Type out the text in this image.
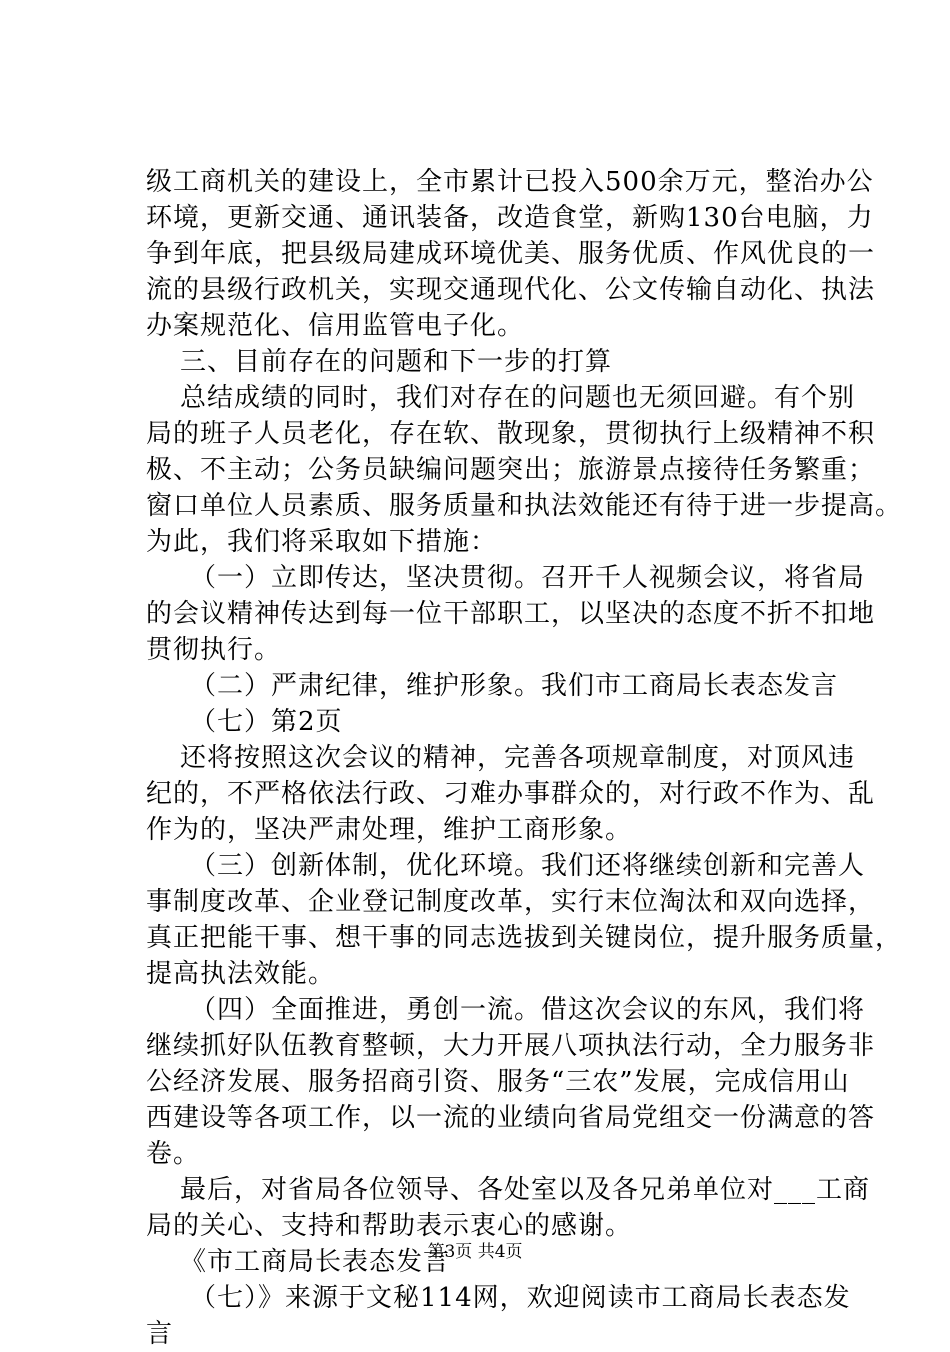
级工商机关的建设上，全市累计已投入500余万元，整治办公
环境，更新交通、通讯装备，改造食堂，新购130台电脑，力
争到年底，把县级局建成环境优美、服务优质、作风优良的一
流的县级行政机关，实现交通现代化、公文传输自动化、执法
办案规范化、信用监管电子化。
三、目前存在的问题和下一步的打算
总结成绩的同时，我们对存在的问题也无须回避。有个别
局的班子人员老化，存在软、散现象，贯彻执行上级精神不积
极、不主动；公务员缺编问题突出；旅游景点接待任务繁重；
窗口单位人员素质、服务质量和执法效能还有待于进一步提高。
为此，我们将采取如下措施：
（一）立即传达，坚决贯彻。召开千人视频会议，将省局
的会议精神传达到每一位干部职工，以坚决的态度不折不扣地
贯彻执行。
（二）严肃纪律，维护形象。我们市工商局长表态发言
（七）第2页
还将按照这次会议的精神，完善各项规章制度，对顶风违
纪的，不严格依法行政、刁难办事群众的，对行政不作为、乱
作为的，坚决严肃处理，维护工商形象。
（三）创新体制，优化环境。我们还将继续创新和完善人
事制度改革、企业登记制度改革，实行末位淘汰和双向选择，
真正把能干事、想干事的同志选拔到关键岗位，提升服务质量，
提高执法效能。
（四）全面推进，勇创一流。借这次会议的东风，我们将
继续抓好队伍教育整顿，大力开展八项执法行动，全力服务非
公经济发展、服务招商引资、服务“三农”发展，完成信用山
西建设等各项工作，以一流的业绩向省局党组交一份满意的答
卷。
最后，对省局各位领导、各处室以及各兄弟单位对___工商
局的关心、支持和帮助表示衷心的感谢。
《市工商局长表态发言
（七）》来源于文秘114网，欢迎阅读市工商局长表态发
言
第3页 共4页
